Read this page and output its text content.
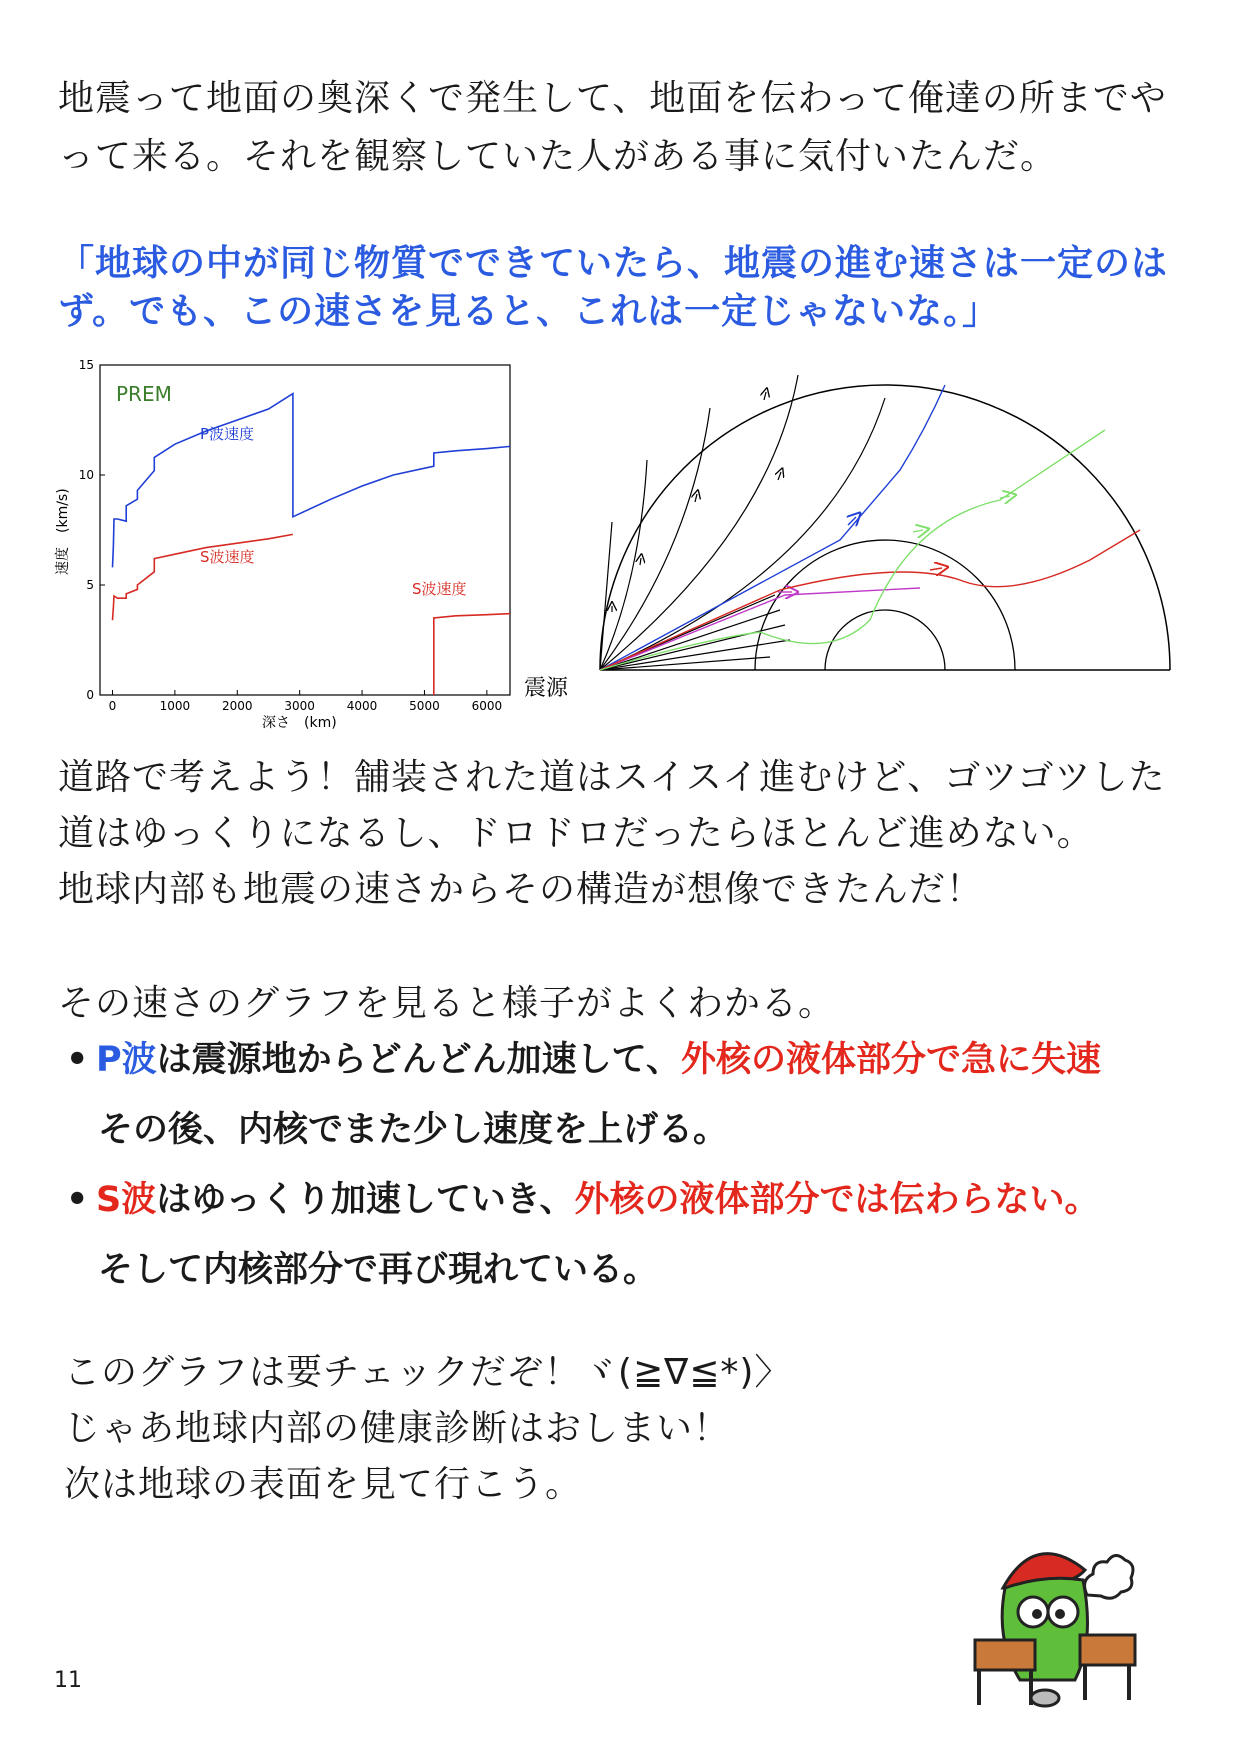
地震って地面の奥深くで発生して、地面を伝わって俺達の所までや
って来る。それを観察していた人がある事に気付いたんだ。
「地球の中が同じ物質でできていたら、地震の進む速さは一定のは
ず。でも、この速さを見ると、これは一定じゃないな。」
0	1000	2000	3000	4000	5000	6000
0
5
10
15
PREM
P波速度
S波速度
S波速度
深さ　(km)
速度　(km/s)
震源
道路で考えよう！舗装された道はスイスイ進むけど、ゴツゴツした
道はゆっくりになるし、ドロドロだったらほとんど進めない。
地球内部も地震の速さからその構造が想像できたんだ！
その速さのグラフを見ると様子がよくわかる。
• P波は震源地からどんどん加速して、外核の液体部分で急に失速
その後、内核でまた少し速度を上げる。
• S波はゆっくり加速していき、外核の液体部分では伝わらない。
そして内核部分で再び現れている。
このグラフは要チェックだぞ！ヾ(≧∇≦*)〉
じゃあ地球内部の健康診断はおしまい！
次は地球の表面を見て行こう。
11
